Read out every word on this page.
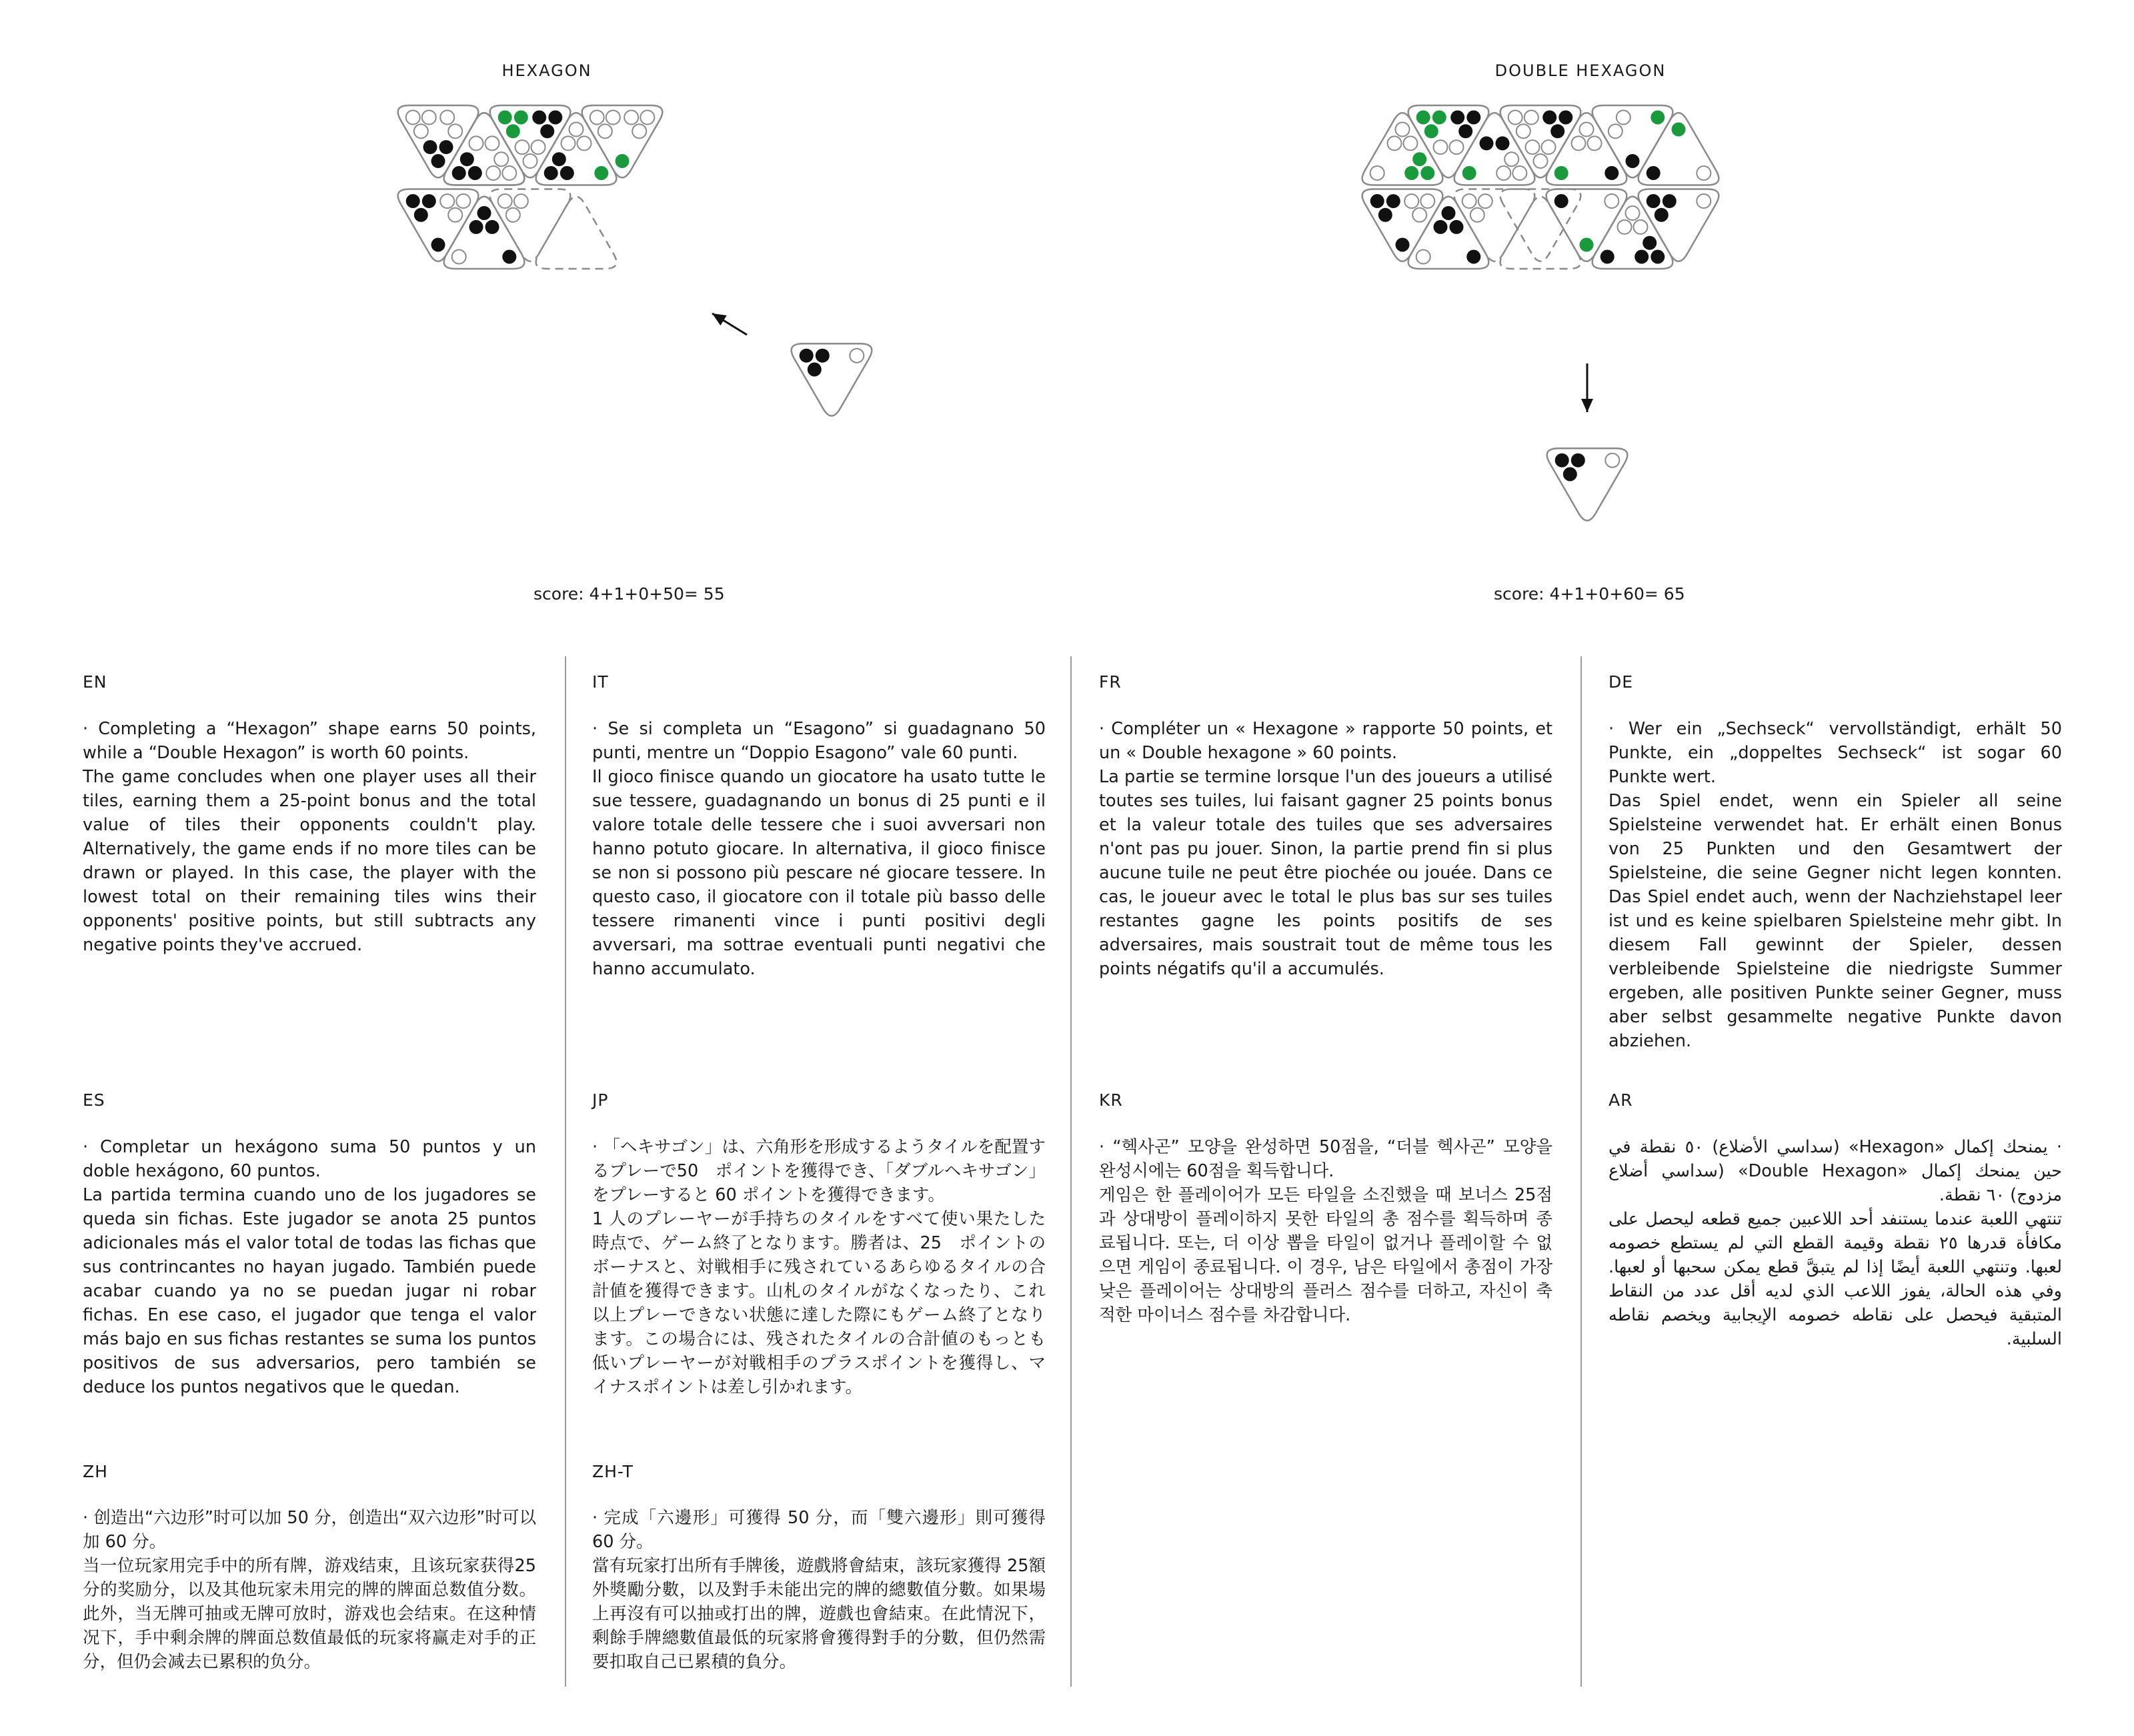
HEXAGON
score: 4+1+0+50= 55
DOUBLE HEXAGON
score: 4+1+0+60= 65
EN
· Completing a “Hexagon” shape earns 50 points, while a “Double Hexagon” is worth 60 points.
The game concludes when one player uses all their tiles, earning them a 25-point bonus and the total value of tiles their opponents couldn't play. Alternatively, the game ends if no more tiles can be drawn or played. In this case, the player with the lowest total on their remaining tiles wins their opponents' positive points, but still subtracts any negative points they've accrued.
IT
· Se si completa un “Esagono” si guadagnano 50 punti, mentre un “Doppio Esagono” vale 60 punti.
Il gioco finisce quando un giocatore ha usato tutte le sue tessere, guadagnando un bonus di 25 punti e il valore totale delle tessere che i suoi avversari non hanno potuto giocare. In alternativa, il gioco finisce se non si possono più pescare né giocare tessere. In questo caso, il giocatore con il totale più basso delle tessere rimanenti vince i punti positivi degli avversari, ma sottrae eventuali punti negativi che hanno accumulato.
FR
· Compléter un « Hexagone » rapporte 50 points, et un « Double hexagone » 60 points.
La partie se termine lorsque l'un des joueurs a utilisé toutes ses tuiles, lui faisant gagner 25 points bonus et la valeur totale des tuiles que ses adversaires n'ont pas pu jouer. Sinon, la partie prend fin si plus aucune tuile ne peut être piochée ou jouée. Dans ce cas, le joueur avec le total le plus bas sur ses tuiles restantes gagne les points positifs de ses adversaires, mais soustrait tout de même tous les points négatifs qu'il a accumulés.
DE
· Wer ein „Sechseck“ vervollständigt, erhält 50 Punkte, ein „doppeltes Sechseck“ ist sogar 60 Punkte wert.
Das Spiel endet, wenn ein Spieler all seine Spielsteine verwendet hat. Er erhält einen Bonus von 25 Punkten und den Gesamtwert der Spielsteine, die seine Gegner nicht legen konnten. Das Spiel endet auch, wenn der Nachziehstapel leer ist und es keine spielbaren Spielsteine mehr gibt. In diesem Fall gewinnt der Spieler, dessen verbleibende Spielsteine die niedrigste Summer ergeben, alle positiven Punkte seiner Gegner, muss aber selbst gesammelte negative Punkte davon abziehen.
ES
· Completar un hexágono suma 50 puntos y un doble hexágono, 60 puntos.
La partida termina cuando uno de los jugadores se queda sin fichas. Este jugador se anota 25 puntos adicionales más el valor total de todas las fichas que sus contrincantes no hayan jugado. También puede acabar cuando ya no se puedan jugar ni robar fichas. En ese caso, el jugador que tenga el valor más bajo en sus fichas restantes se suma los puntos positivos de sus adversarios, pero también se deduce los puntos negativos que le quedan.
JP
· 「ヘキサゴン」は、六角形を形成するようタイルを配置するプレーで50　ポイントを獲得でき、「ダブルヘキサゴン」をプレーすると 60 ポイントを獲得できます。
1 人のプレーヤーが手持ちのタイルをすべて使い果たした時点で、ゲーム終了となります。勝者は、25　ポイントのボーナスと、対戦相手に残されているあらゆるタイルの合計値を獲得できます。山札のタイルがなくなったり、これ以上プレーできない状態に達した際にもゲーム終了となります。この場合には、残されたタイルの合計値のもっとも低いプレーヤーが対戦相手のプラスポイントを獲得し、マイナスポイントは差し引かれます。
KR
· “헥사곤” 모양을 완성하면 50점을, “더블 헥사곤” 모양을 완성시에는 60점을 획득합니다.
게임은 한 플레이어가 모든 타일을 소진했을 때 보너스 25점과 상대방이 플레이하지 못한 타일의 총 점수를 획득하며 종료됩니다. 또는, 더 이상 뽑을 타일이 없거나 플레이할 수 없으면 게임이 종료됩니다. 이 경우, 남은 타일에서 총점이 가장 낮은 플레이어는 상대방의 플러스 점수를 더하고, 자신이 축적한 마이너스 점수를 차감합니다.
AR
· يمنحك إكمال «Hexagon» (سداسي الأضلاع) ٥٠ نقطة في حين يمنحك إكمال «Double Hexagon» (سداسي أضلاع مزدوج) ٦٠ نقطة.
تنتهي اللعبة عندما يستنفد أحد اللاعبين جميع قطعه ليحصل على مكافأة قدرها ٢٥ نقطة وقيمة القطع التي لم يستطع خصومه لعبها. وتنتهي اللعبة أيضًا إذا لم يتبقَّ قطع يمكن سحبها أو لعبها. وفي هذه الحالة، يفوز اللاعب الذي لديه أقل عدد من النقاط المتبقية فيحصل على نقاطه خصومه الإيجابية ويخصم نقاطه السلبية.
ZH
· 创造出“六边形”时可以加 50 分，创造出“双六边形”时可以加 60 分。
当一位玩家用完手中的所有牌，游戏结束，且该玩家获得25分的奖励分，以及其他玩家未用完的牌的牌面总数值分数。此外，当无牌可抽或无牌可放时，游戏也会结束。在这种情况下，手中剩余牌的牌面总数值最低的玩家将赢走对手的正分，但仍会减去已累积的负分。
ZH-T
· 完成「六邊形」可獲得 50 分，而「雙六邊形」則可獲得 60 分。
當有玩家打出所有手牌後，遊戲將會結束，該玩家獲得 25額外獎勵分數，以及對手未能出完的牌的總數值分數。如果場上再沒有可以抽或打出的牌，遊戲也會結束。在此情況下，剩餘手牌總數值最低的玩家將會獲得對手的分數，但仍然需要扣取自己已累積的負分。
